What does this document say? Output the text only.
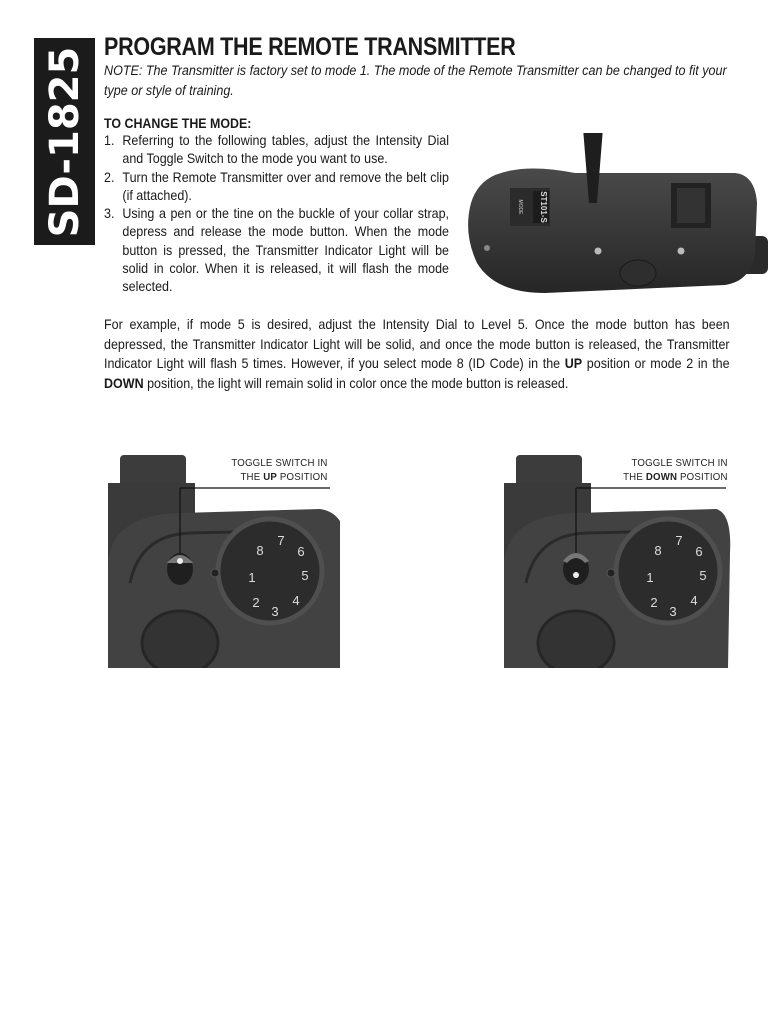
SD-1825 PROGRAM THE REMOTE TRANSMITTER
NOTE: The Transmitter is factory set to mode 1. The mode of the Remote Transmitter can be changed to fit your type or style of training.
TO CHANGE THE MODE:
1. Referring to the following tables, adjust the Intensity Dial and Toggle Switch to the mode you want to use.
2. Turn the Remote Transmitter over and remove the belt clip (if attached).
3. Using a pen or the tine on the buckle of your collar strap, depress and release the mode button. When the mode button is pressed, the Transmitter Indicator Light will be solid in color. When it is released, it will flash the mode selected.
ST101-S
MODE
For example, if mode 5 is desired, adjust the Intensity Dial to Level 5. Once the mode button has been depressed, the Transmitter Indicator Light will be solid, and once the mode button is released, the Transmitter Indicator Light will flash 5 times. However, if you select mode 8 (ID Code) in the UP position or mode 2 in the DOWN position, the light will remain solid in color once the mode button is released.
1
2
3
4
5
6
7
8
TOGGLE SWITCH IN
THE UP POSITION
1
2
3
4
5
6
7
8
TOGGLE SWITCH IN
THE DOWN POSITION
